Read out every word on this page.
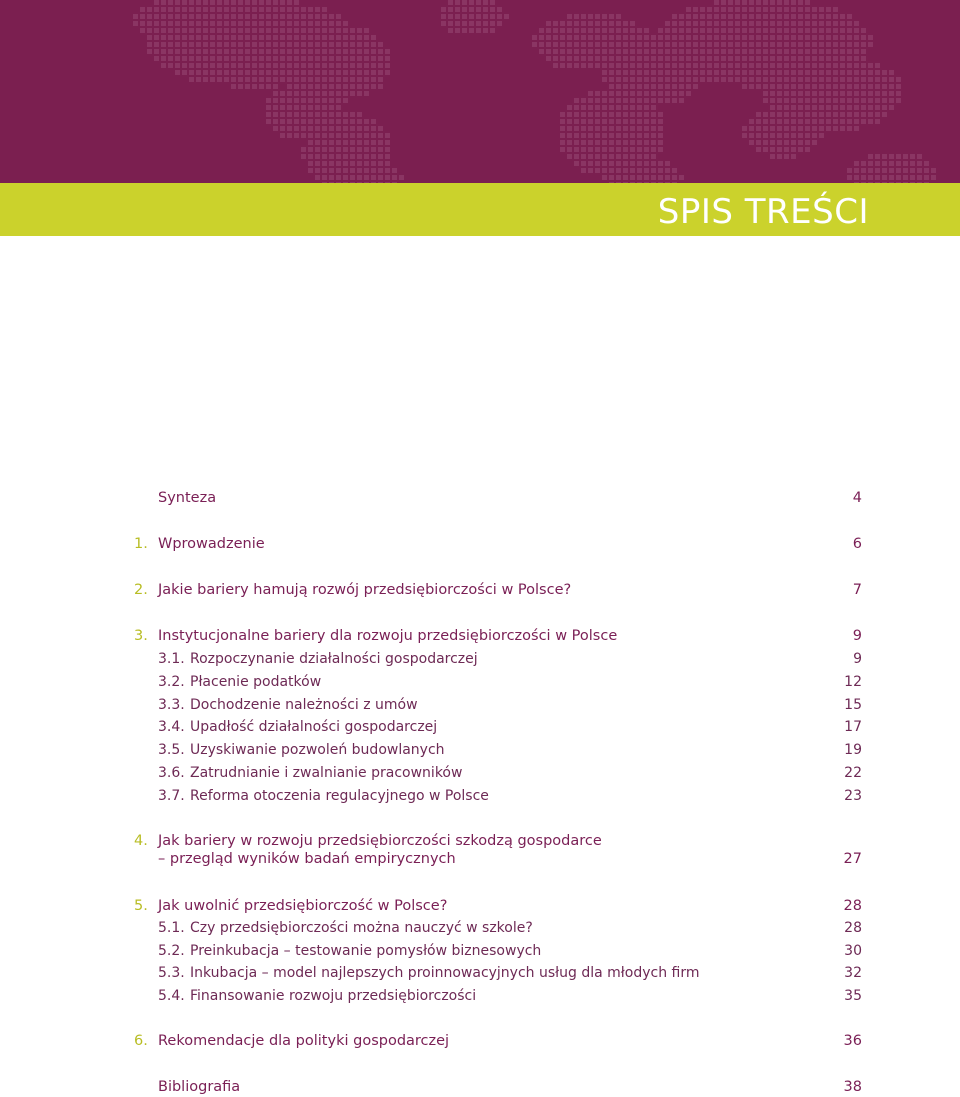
SPIS TREŚCI
Synteza	4
1. Wprowadzenie	6
2. Jakie bariery hamują rozwój przedsiębiorczości w Polsce?	7
3. Instytucjonalne bariery dla rozwoju przedsiębiorczości w Polsce	9
3.1. Rozpoczynanie działalności gospodarczej	9
3.2. Płacenie podatków	12
3.3. Dochodzenie należności z umów	15
3.4. Upadłość działalności gospodarczej	17
3.5. Uzyskiwanie pozwoleń budowlanych	19
3.6. Zatrudnianie i zwalnianie pracowników	22
3.7. Reforma otoczenia regulacyjnego w Polsce	23
4. Jak bariery w rozwoju przedsiębiorczości szkodzą gospodarce
– przegląd wyników badań empirycznych	27
5. Jak uwolnić przedsiębiorczość w Polsce?	28
5.1. Czy przedsiębiorczości można nauczyć w szkole?	28
5.2. Preinkubacja – testowanie pomysłów biznesowych	30
5.3. Inkubacja – model najlepszych proinnowacyjnych usług dla młodych firm	32
5.4. Finansowanie rozwoju przedsiębiorczości	35
6. Rekomendacje dla polityki gospodarczej	36
Bibliografia	38
